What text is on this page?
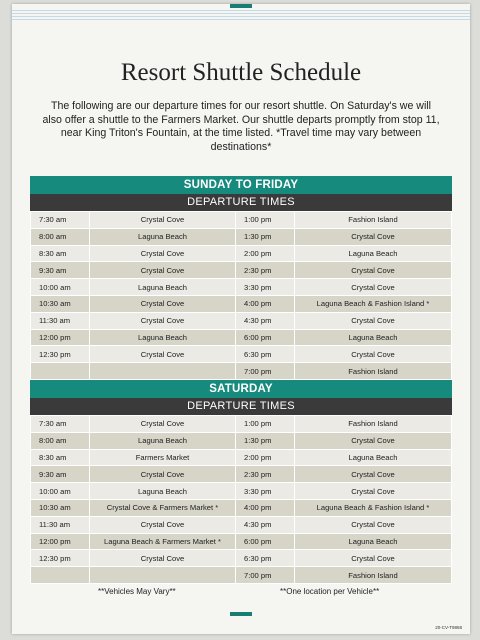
Resort Shuttle Schedule
The following are our departure times for our resort shuttle. On Saturday's we will also offer a shuttle to the Farmers Market. Our shuttle departs promptly from stop 11, near King Triton's Fountain, at the time listed. *Travel time may vary between destinations*
SUNDAY TO FRIDAY
DEPARTURE TIMES
7:30 am	Crystal Cove	1:00 pm	Fashion Island
8:00 am	Laguna Beach	1:30 pm	Crystal Cove
8:30 am	Crystal Cove	2:00 pm	Laguna Beach
9:30 am	Crystal Cove	2:30 pm	Crystal Cove
10:00 am	Laguna Beach	3:30 pm	Crystal Cove
10:30 am	Crystal Cove	4:00 pm	Laguna Beach & Fashion Island *
11:30 am	Crystal Cove	4:30 pm	Crystal Cove
12:00 pm	Laguna Beach	6:00 pm	Laguna Beach
12:30 pm	Crystal Cove	6:30 pm	Crystal Cove
		7:00 pm	Fashion Island
SATURDAY
DEPARTURE TIMES
7:30 am	Crystal Cove	1:00 pm	Fashion Island
8:00 am	Laguna Beach	1:30 pm	Crystal Cove
8:30 am	Farmers Market	2:00 pm	Laguna Beach
9:30 am	Crystal Cove	2:30 pm	Crystal Cove
10:00 am	Laguna Beach	3:30 pm	Crystal Cove
10:30 am	Crystal Cove & Farmers Market *	4:00 pm	Laguna Beach & Fashion Island *
11:30 am	Crystal Cove	4:30 pm	Crystal Cove
12:00 pm	Laguna Beach & Farmers Market *	6:00 pm	Laguna Beach
12:30 pm	Crystal Cove	6:30 pm	Crystal Cove
		7:00 pm	Fashion Island
**Vehicles May Vary**	**One location per Vehicle**
20-CV-T9868
